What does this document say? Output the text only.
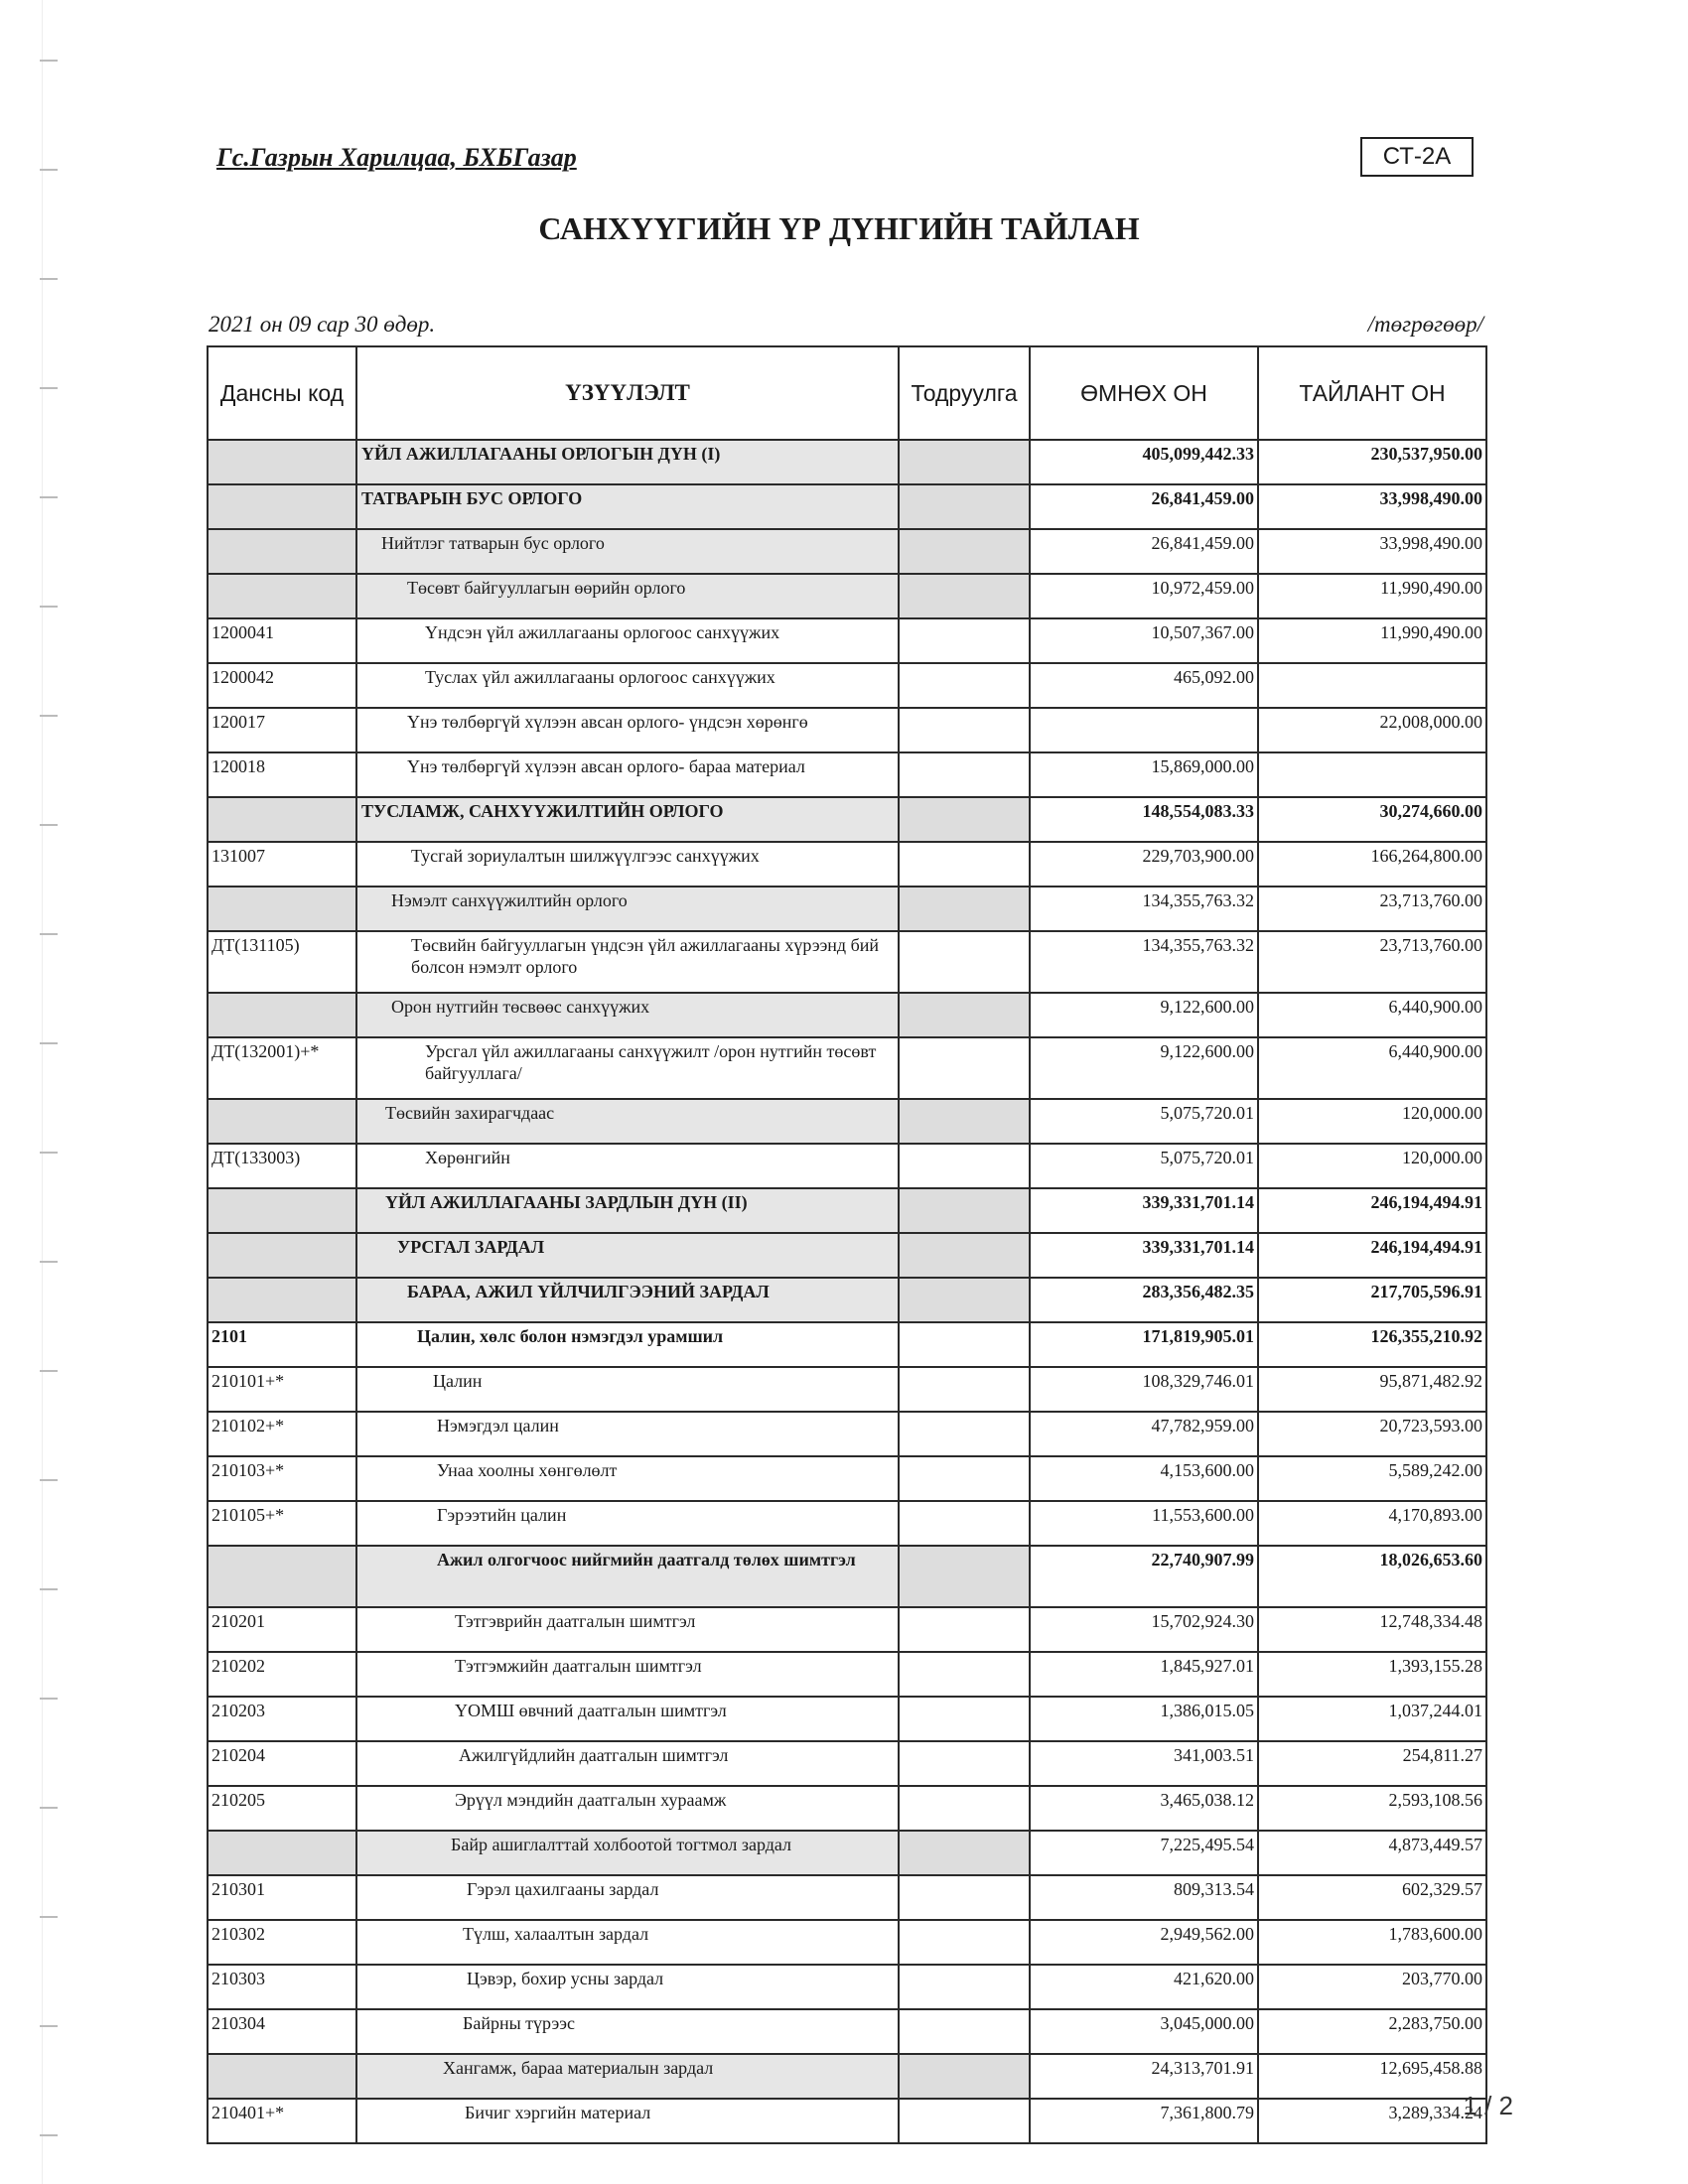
Гс.Газрын Харилцаа, БХБГазар	СТ-2А
САНХҮҮГИЙН ҮР ДҮНГИЙН ТАЙЛАН
2021 он 09 сар 30 өдөр.	/төгрөгөөр/
Дансны код	ҮЗҮҮЛЭЛТ	Тодруулга	ӨМНӨХ ОН	ТАЙЛАНТ ОН
	ҮЙЛ АЖИЛЛАГААНЫ ОРЛОГЫН ДҮН (I)		405,099,442.33	230,537,950.00
	ТАТВАРЫН БУС ОРЛОГО		26,841,459.00	33,998,490.00
	Нийтлэг татварын бус орлого		26,841,459.00	33,998,490.00
	Төсөвт байгууллагын өөрийн орлого		10,972,459.00	11,990,490.00
1200041	Үндсэн үйл ажиллагааны орлогоос санхүүжих		10,507,367.00	11,990,490.00
1200042	Туслах үйл ажиллагааны орлогоос санхүүжих		465,092.00	
120017	Үнэ төлбөргүй хүлээн авсан орлого- үндсэн хөрөнгө			22,008,000.00
120018	Үнэ төлбөргүй хүлээн авсан орлого- бараа материал		15,869,000.00	
	ТУСЛАМЖ, САНХҮҮЖИЛТИЙН ОРЛОГО		148,554,083.33	30,274,660.00
131007	Тусгай зориулалтын шилжүүлгээс санхүүжих		229,703,900.00	166,264,800.00
	Нэмэлт санхүүжилтийн орлого		134,355,763.32	23,713,760.00
ДТ(131105)	Төсвийн байгууллагын үндсэн үйл ажиллагааны хүрээнд бий болсон нэмэлт орлого		134,355,763.32	23,713,760.00
	Орон нутгийн төсвөөс санхүүжих		9,122,600.00	6,440,900.00
ДТ(132001)+*	Урсгал үйл ажиллагааны санхүүжилт /орон нутгийн төсөвт байгууллага/		9,122,600.00	6,440,900.00
	Төсвийн захирагчдаас		5,075,720.01	120,000.00
ДТ(133003)	Хөрөнгийн		5,075,720.01	120,000.00
	ҮЙЛ АЖИЛЛАГААНЫ ЗАРДЛЫН ДҮН (II)		339,331,701.14	246,194,494.91
	УРСГАЛ ЗАРДАЛ		339,331,701.14	246,194,494.91
	БАРАА, АЖИЛ ҮЙЛЧИЛГЭЭНИЙ ЗАРДАЛ		283,356,482.35	217,705,596.91
2101	Цалин, хөлс болон нэмэгдэл урамшил		171,819,905.01	126,355,210.92
210101+*	Цалин		108,329,746.01	95,871,482.92
210102+*	Нэмэгдэл цалин		47,782,959.00	20,723,593.00
210103+*	Унаа хоолны хөнгөлөлт		4,153,600.00	5,589,242.00
210105+*	Гэрээтийн цалин		11,553,600.00	4,170,893.00
	Ажил олгогчоос нийгмийн даатгалд төлөх шимтгэл		22,740,907.99	18,026,653.60
210201	Тэтгэврийн даатгалын шимтгэл		15,702,924.30	12,748,334.48
210202	Тэтгэмжийн даатгалын шимтгэл		1,845,927.01	1,393,155.28
210203	ҮОМШ өвчний даатгалын шимтгэл		1,386,015.05	1,037,244.01
210204	Ажилгүйдлийн даатгалын шимтгэл		341,003.51	254,811.27
210205	Эрүүл мэндийн даатгалын хураамж		3,465,038.12	2,593,108.56
	Байр ашиглалттай холбоотой тогтмол зардал		7,225,495.54	4,873,449.57
210301	Гэрэл цахилгааны зардал		809,313.54	602,329.57
210302	Түлш, халаалтын зардал		2,949,562.00	1,783,600.00
210303	Цэвэр, бохир усны зардал		421,620.00	203,770.00
210304	Байрны түрээс		3,045,000.00	2,283,750.00
	Хангамж, бараа материалын зардал		24,313,701.91	12,695,458.88
210401+*	Бичиг хэргийн материал		7,361,800.79	3,289,334.24
1 / 2
